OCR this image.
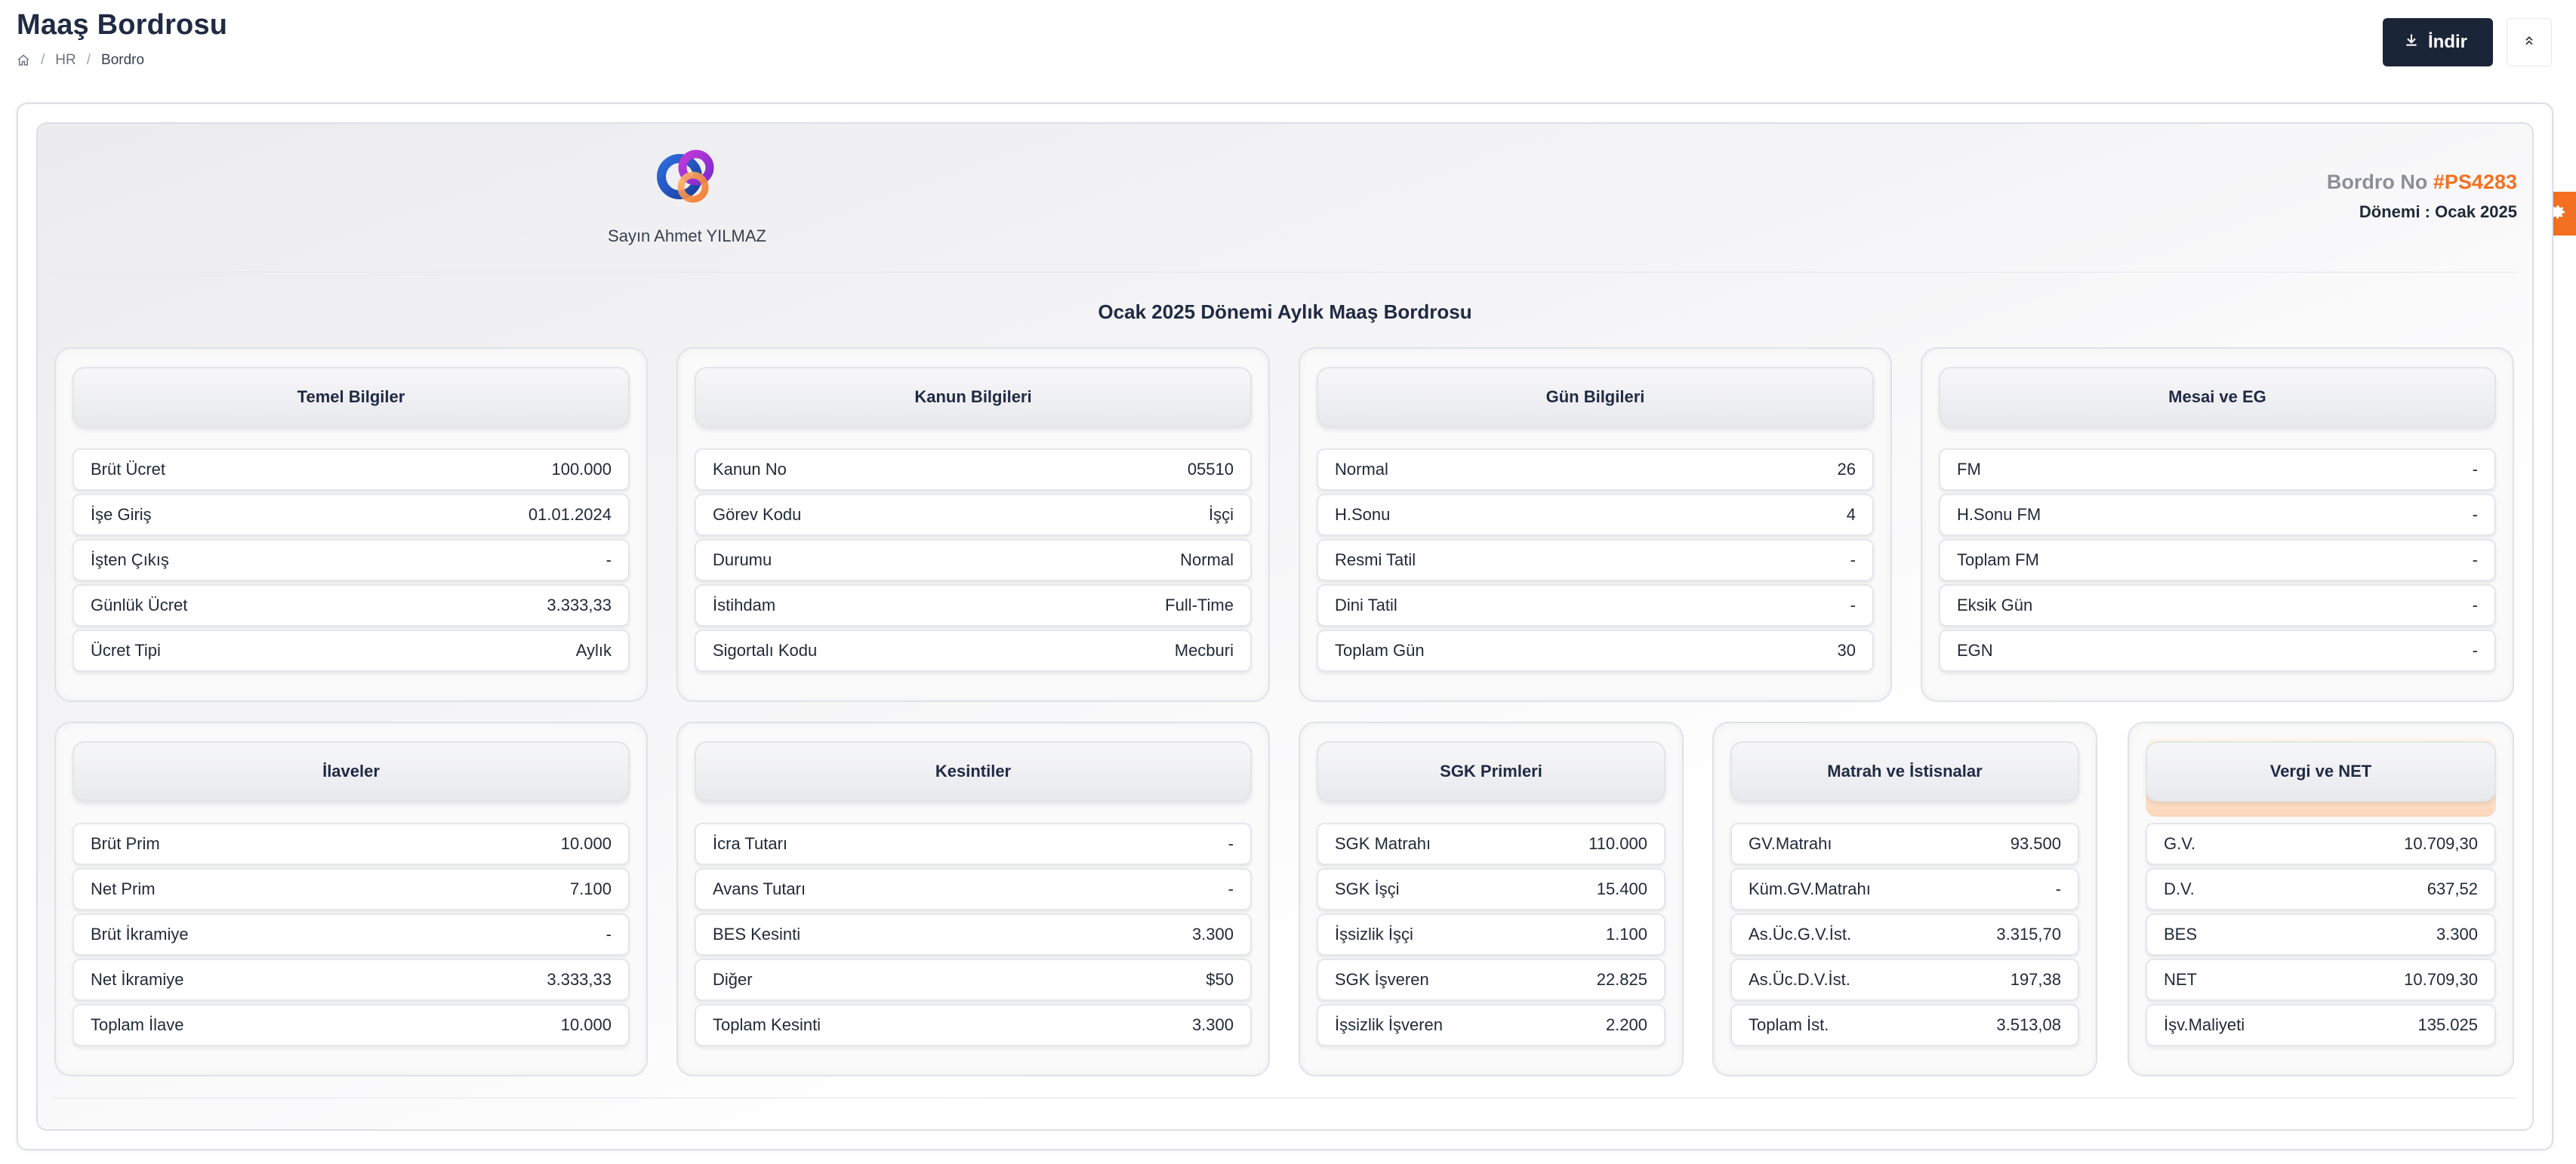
Maaş Bordrosu
/ HR / Bordro
İndir
Sayın Ahmet YILMAZ
Bordro No #PS4283
Dönemi : Ocak 2025
Ocak 2025 Dönemi Aylık Maaş Bordrosu
Temel Bilgiler
Brüt Ücret	100.000
İşe Giriş	01.01.2024
İşten Çıkış	-
Günlük Ücret	3.333,33
Ücret Tipi	Aylık
Kanun Bilgileri
Kanun No	05510
Görev Kodu	İşçi
Durumu	Normal
İstihdam	Full-Time
Sigortalı Kodu	Mecburi
Gün Bilgileri
Normal	26
H.Sonu	4
Resmi Tatil	-
Dini Tatil	-
Toplam Gün	30
Mesai ve EG
FM	-
H.Sonu FM	-
Toplam FM	-
Eksik Gün	-
EGN	-
İlaveler
Brüt Prim	10.000
Net Prim	7.100
Brüt İkramiye	-
Net İkramiye	3.333,33
Toplam İlave	10.000
Kesintiler
İcra Tutarı	-
Avans Tutarı	-
BES Kesinti	3.300
Diğer	$50
Toplam Kesinti	3.300
SGK Primleri
SGK Matrahı	110.000
SGK İşçi	15.400
İşsizlik İşçi	1.100
SGK İşveren	22.825
İşsizlik İşveren	2.200
Matrah ve İstisnalar
GV.Matrahı	93.500
Küm.GV.Matrahı	-
As.Üc.G.V.İst.	3.315,70
As.Üc.D.V.İst.	197,38
Toplam İst.	3.513,08
Vergi ve NET
G.V.	10.709,30
D.V.	637,52
BES	3.300
NET	10.709,30
İşv.Maliyeti	135.025
